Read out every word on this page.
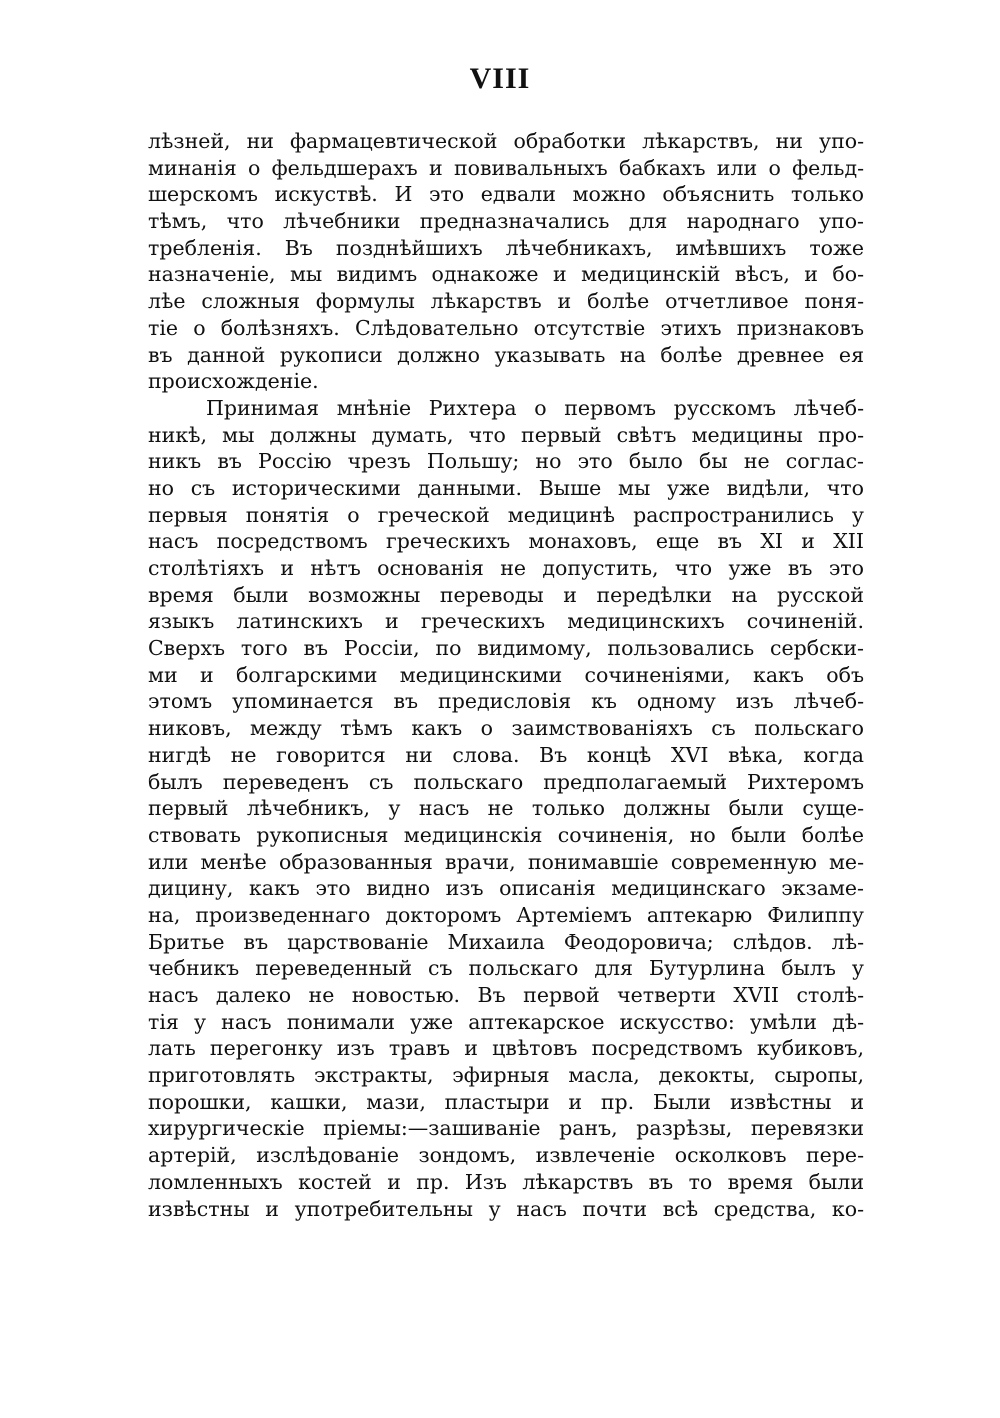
VIII
лѣзней, ни фармацевтической обработки лѣкарствъ, ни упо-
минанія о фельдшерахъ и повивальныхъ бабкахъ или о фельд-
шерскомъ искуствѣ. И это едвали можно объяснить только
тѣмъ, что лѣчебники предназначались для народнаго упо-
требленія. Въ позднѣйшихъ лѣчебникахъ, имѣвшихъ тоже
назначеніе, мы видимъ однакоже и медицинскій вѣсъ, и бо-
лѣе сложныя формулы лѣкарствъ и болѣе отчетливое поня-
тіе о болѣзняхъ. Слѣдовательно отсутствіе этихъ признаковъ
въ данной рукописи должно указывать на болѣе древнее ея
происхожденіе.
Принимая мнѣніе Рихтера о первомъ русскомъ лѣчеб-
никѣ, мы должны думать, что первый свѣтъ медицины про-
никъ въ Россію чрезъ Польшу; но это было бы не соглас-
но съ историческими данными. Выше мы уже видѣли, что
первыя понятія о греческой медицинѣ распространились у
насъ посредствомъ греческихъ монаховъ, еще въ XI и XII
столѣтіяхъ и нѣтъ основанія не допустить, что уже въ это
время были возможны переводы и передѣлки на русской
языкъ латинскихъ и греческихъ медицинскихъ сочиненій.
Сверхъ того въ Россіи, по видимому, пользовались сербски-
ми и болгарскими медицинскими сочиненіями, какъ объ
этомъ упоминается въ предисловія къ одному изъ лѣчеб-
никовъ, между тѣмъ какъ о заимствованіяхъ съ польскаго
нигдѣ не говорится ни слова. Въ концѣ XVI вѣка, когда
былъ переведенъ съ польскаго предполагаемый Рихтеромъ
первый лѣчебникъ, у насъ не только должны были суще-
ствовать рукописныя медицинскія сочиненія, но были болѣе
или менѣе образованныя врачи, понимавшіе современную ме-
дицину, какъ это видно изъ описанія медицинскаго экзаме-
на, произведеннаго докторомъ Артеміемъ аптекарю Филиппу
Бритье въ царствованіе Михаила Феодоровича; слѣдов. лѣ-
чебникъ переведенный съ польскаго для Бутурлина былъ у
насъ далеко не новостью. Въ первой четверти XVII столѣ-
тія у насъ понимали уже аптекарское искусство: умѣли дѣ-
лать перегонку изъ травъ и цвѣтовъ посредствомъ кубиковъ,
приготовлять экстракты, эфирныя масла, декокты, сыропы,
порошки, кашки, мази, пластыри и пр. Были извѣстны и
хирургическіе пріемы:—зашиваніе ранъ, разрѣзы, перевязки
артерій, изслѣдованіе зондомъ, извлеченіе осколковъ пере-
ломленныхъ костей и пр. Изъ лѣкарствъ въ то время были
извѣстны и употребительны у насъ почти всѣ средства, ко-
